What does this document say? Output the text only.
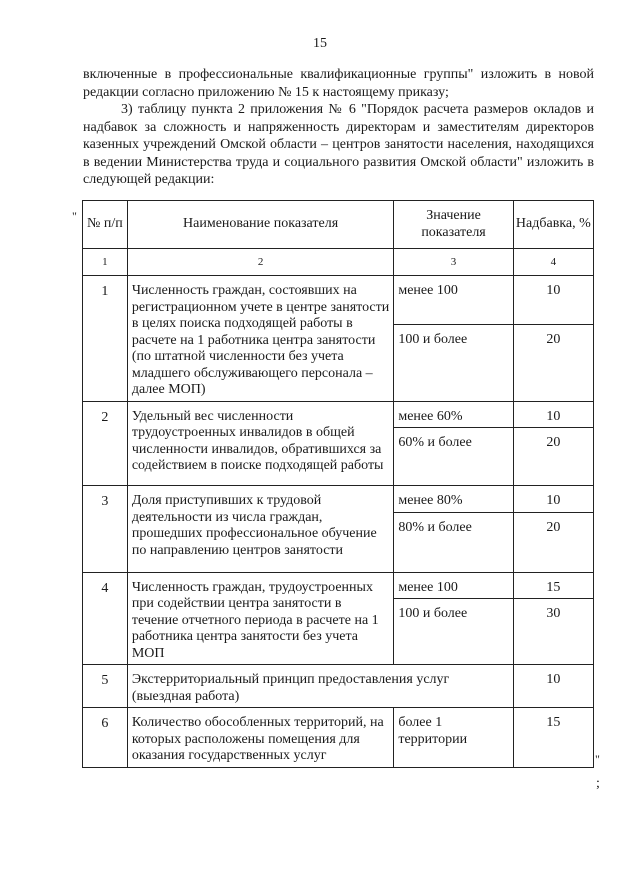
15

включенные в профессиональные квалификационные группы" изложить в новой редакции согласно приложению № 15 к настоящему приказу;

3) таблицу пункта 2 приложения № 6 "Порядок расчета размеров окладов и надбавок за сложность и напряженность директорам и заместителям директоров казенных учреждений Омской области – центров занятости населения, находящихся в ведении Министерства труда и социального развития Омской области" изложить в следующей редакции:

"
№ п/п	Наименование показателя	Значение показателя	Надбавка, %
1	2	3	4
1	Численность граждан, состоявших на регистрационном учете в центре занятости в целях поиска подходящей работы в расчете на 1 работника центра занятости (по штатной численности без учета младшего обслуживающего персонала – далее МОП)	менее 100	10
		100 и более	20
2	Удельный вес численности трудоустроенных инвалидов в общей численности инвалидов, обратившихся за содействием в поиске подходящей работы	менее 60%	10
		60% и более	20
3	Доля приступивших к трудовой деятельности из числа граждан, прошедших профессиональное обучение по направлению центров занятости	менее 80%	10
		80% и более	20
4	Численность граждан, трудоустроенных при содействии центра занятости в течение отчетного периода в расчете на 1 работника центра занятости без учета МОП	менее 100	15
		100 и более	30
5	Экстерриториальный принцип предоставления услуг (выездная работа)		10
6	Количество обособленных территорий, на которых расположены помещения для оказания государственных услуг	более 1 территории	15
"
;
